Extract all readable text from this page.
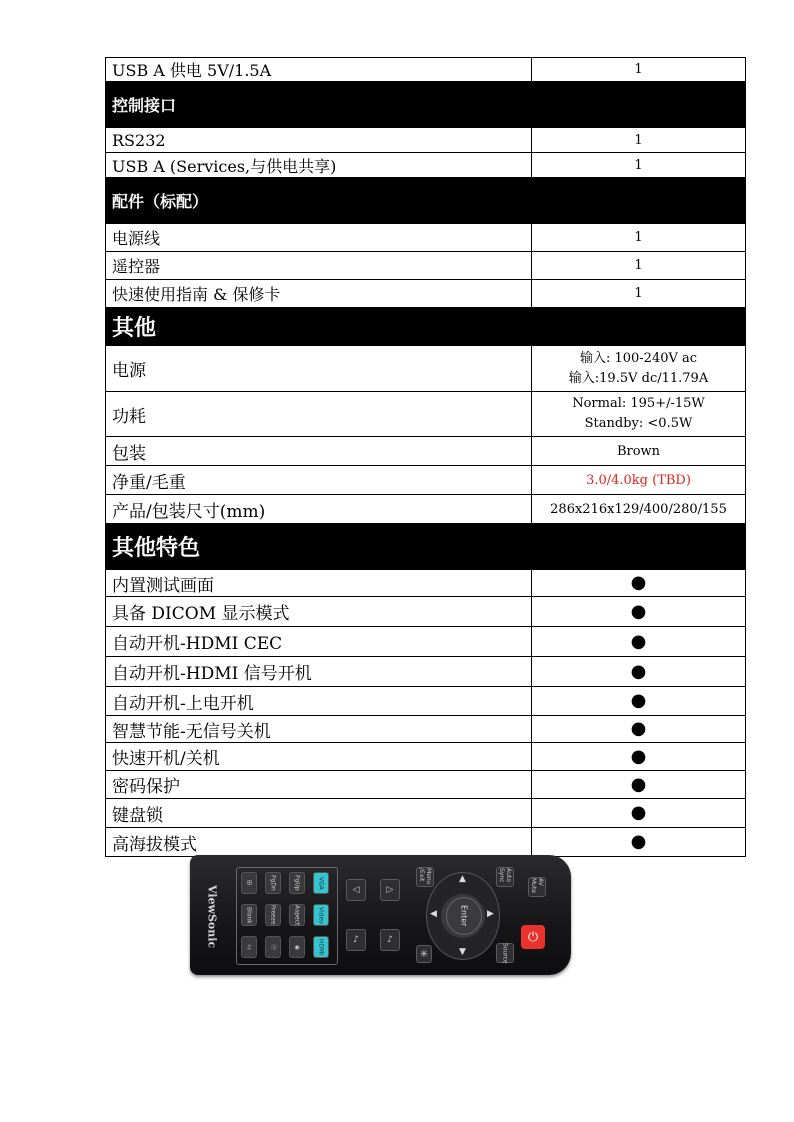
USB A 供电 5V/1.5A	1
控制接口	
RS232	1
USB A (Services,与供电共享)	1
配件（标配）	
电源线	1
遥控器	1
快速使用指南 & 保修卡	1
其他	
电源	输入: 100-240V ac
输入:19.5V dc/11.79A

功耗	Normal: 195+/-15W
Standby: <0.5W

包装	Brown
净重/毛重	3.0/4.0kg (TBD)
产品/包装尺寸(mm)	286x216x129/400/280/155
其他特色	
内置测试画面	●
具备 DICOM 显示模式	●
自动开机-HDMI CEC	●
自动开机-HDMI 信号开机	●
自动开机-上电开机	●
智慧节能-无信号关机	●
快速开机/关机	●
密码保护	●
键盘锁	●
高海拔模式	●
ViewSonic
⊞
Blank
♫
PgDn
Freeze
Ⓢ
PgUp
Aspect
◉
VGA
Video
HDMI
◁	▷
♪	♪
Menu /Exit	Auto Sync
Source
AV Mute
✳
▲
▼
◀	▶
Enter
⏻
